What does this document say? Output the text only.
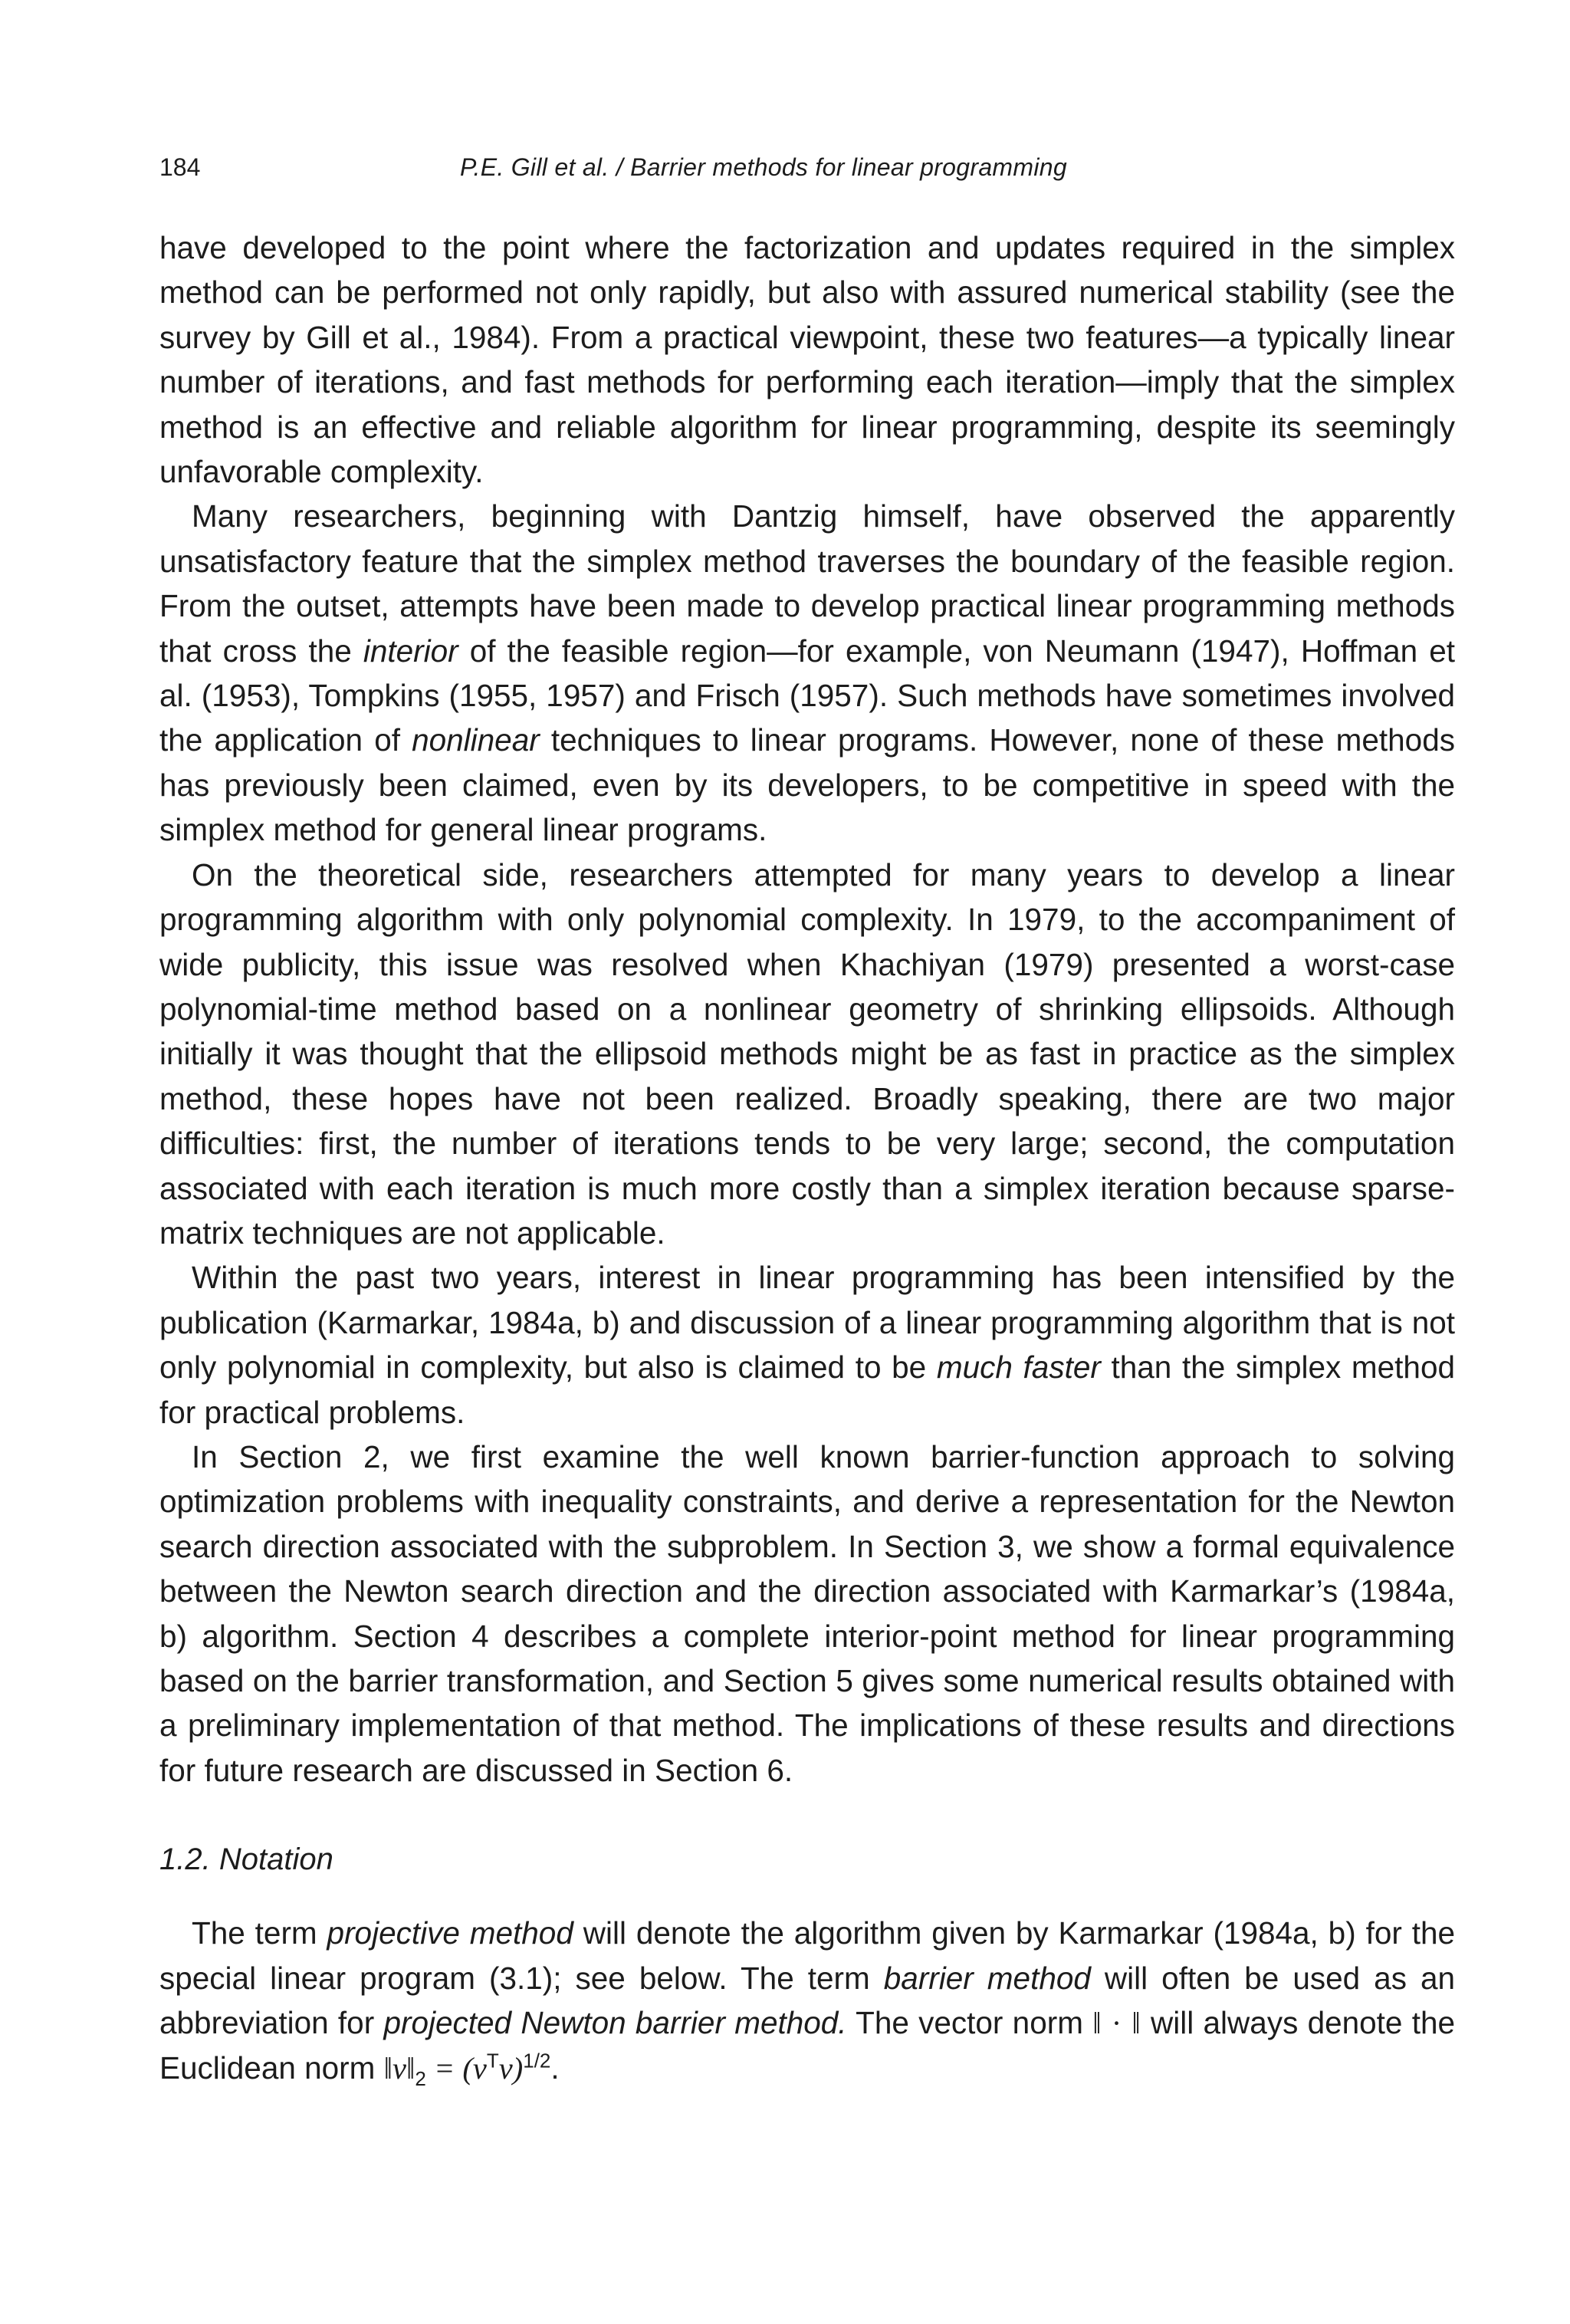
184	P.E. Gill et al. / Barrier methods for linear programming

have developed to the point where the factorization and updates required in the simplex method can be performed not only rapidly, but also with assured numerical stability (see the survey by Gill et al., 1984). From a practical viewpoint, these two features—a typically linear number of iterations, and fast methods for performing each iteration—imply that the simplex method is an effective and reliable algorithm for linear programming, despite its seemingly unfavorable complexity.

Many researchers, beginning with Dantzig himself, have observed the apparently unsatisfactory feature that the simplex method traverses the boundary of the feasible region. From the outset, attempts have been made to develop practical linear programming methods that cross the interior of the feasible region—for example, von Neumann (1947), Hoffman et al. (1953), Tompkins (1955, 1957) and Frisch (1957). Such methods have sometimes involved the application of nonlinear techniques to linear programs. However, none of these methods has previously been claimed, even by its developers, to be competitive in speed with the simplex method for general linear programs.

On the theoretical side, researchers attempted for many years to develop a linear programming algorithm with only polynomial complexity. In 1979, to the accompaniment of wide publicity, this issue was resolved when Khachiyan (1979) presented a worst-case polynomial-time method based on a nonlinear geometry of shrinking ellipsoids. Although initially it was thought that the ellipsoid methods might be as fast in practice as the simplex method, these hopes have not been realized. Broadly speaking, there are two major difficulties: first, the number of iterations tends to be very large; second, the computation associated with each iteration is much more costly than a simplex iteration because sparse-matrix techniques are not applicable.

Within the past two years, interest in linear programming has been intensified by the publication (Karmarkar, 1984a, b) and discussion of a linear programming algorithm that is not only polynomial in complexity, but also is claimed to be much faster than the simplex method for practical problems.

In Section 2, we first examine the well known barrier-function approach to solving optimization problems with inequality constraints, and derive a representation for the Newton search direction associated with the subproblem. In Section 3, we show a formal equivalence between the Newton search direction and the direction associated with Karmarkar’s (1984a, b) algorithm. Section 4 describes a complete interior-point method for linear programming based on the barrier transformation, and Section 5 gives some numerical results obtained with a preliminary implementation of that method. The implications of these results and directions for future research are discussed in Section 6.

1.2. Notation

The term projective method will denote the algorithm given by Karmarkar (1984a, b) for the special linear program (3.1); see below. The term barrier method will often be used as an abbreviation for projected Newton barrier method. The vector norm ‖ · ‖ will always denote the Euclidean norm $‖v‖_2 = (v^Tv)^{1/2}$.
